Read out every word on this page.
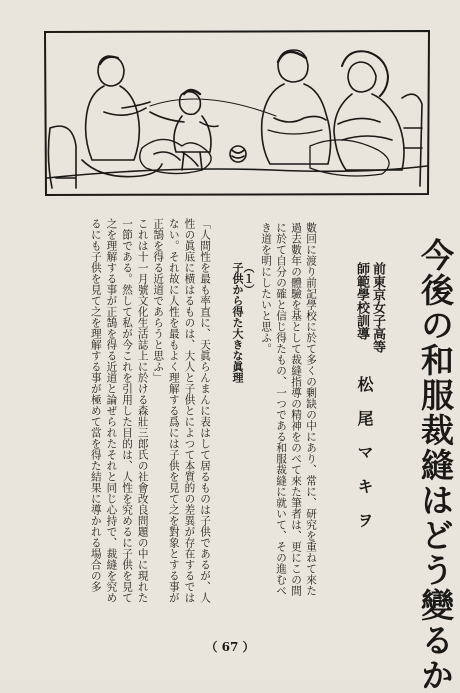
今後の和服裁縫はどう變るか
前東京女子高等
師範學校訓導
松尾マキヲ
數回に渡り前記學校に於て多くの剰缺の中にあり、常に、研究を重ねて來た過去數年の體驗を基として裁縫指導の精神をのべて來た筆者は、更にこの間に於て自分の確と信じ得たもの、一つである和服裁縫に就いて、その進むべき道を明にしたいと思ふ。
（１）
子供から得た大きな眞理

「人間性を最も率直に、天眞らんまんに表はして居るものは子供であるが、人性の眞底に横はるものは、大人と子供とによつて本質的の差異が存在するではない。それ故に人性を最もよく理解する爲には子供を見て之を對象とする事が正鵠を得る近道であらうと思ふ」

これは十一月號文化生活誌上に於ける森壯三郎氏の社會改良問題の中に現れた一節である。然して私が今これを引用した目的は、人性を究めるに子供を見て之を理解する事が正鵠を得る近道と論ぜられたそれと同じ心持で、裁縫を究めるにも子供を見て之を理解する事が極めて當を得た結果に導かれる場合の多

（ 67 ）
